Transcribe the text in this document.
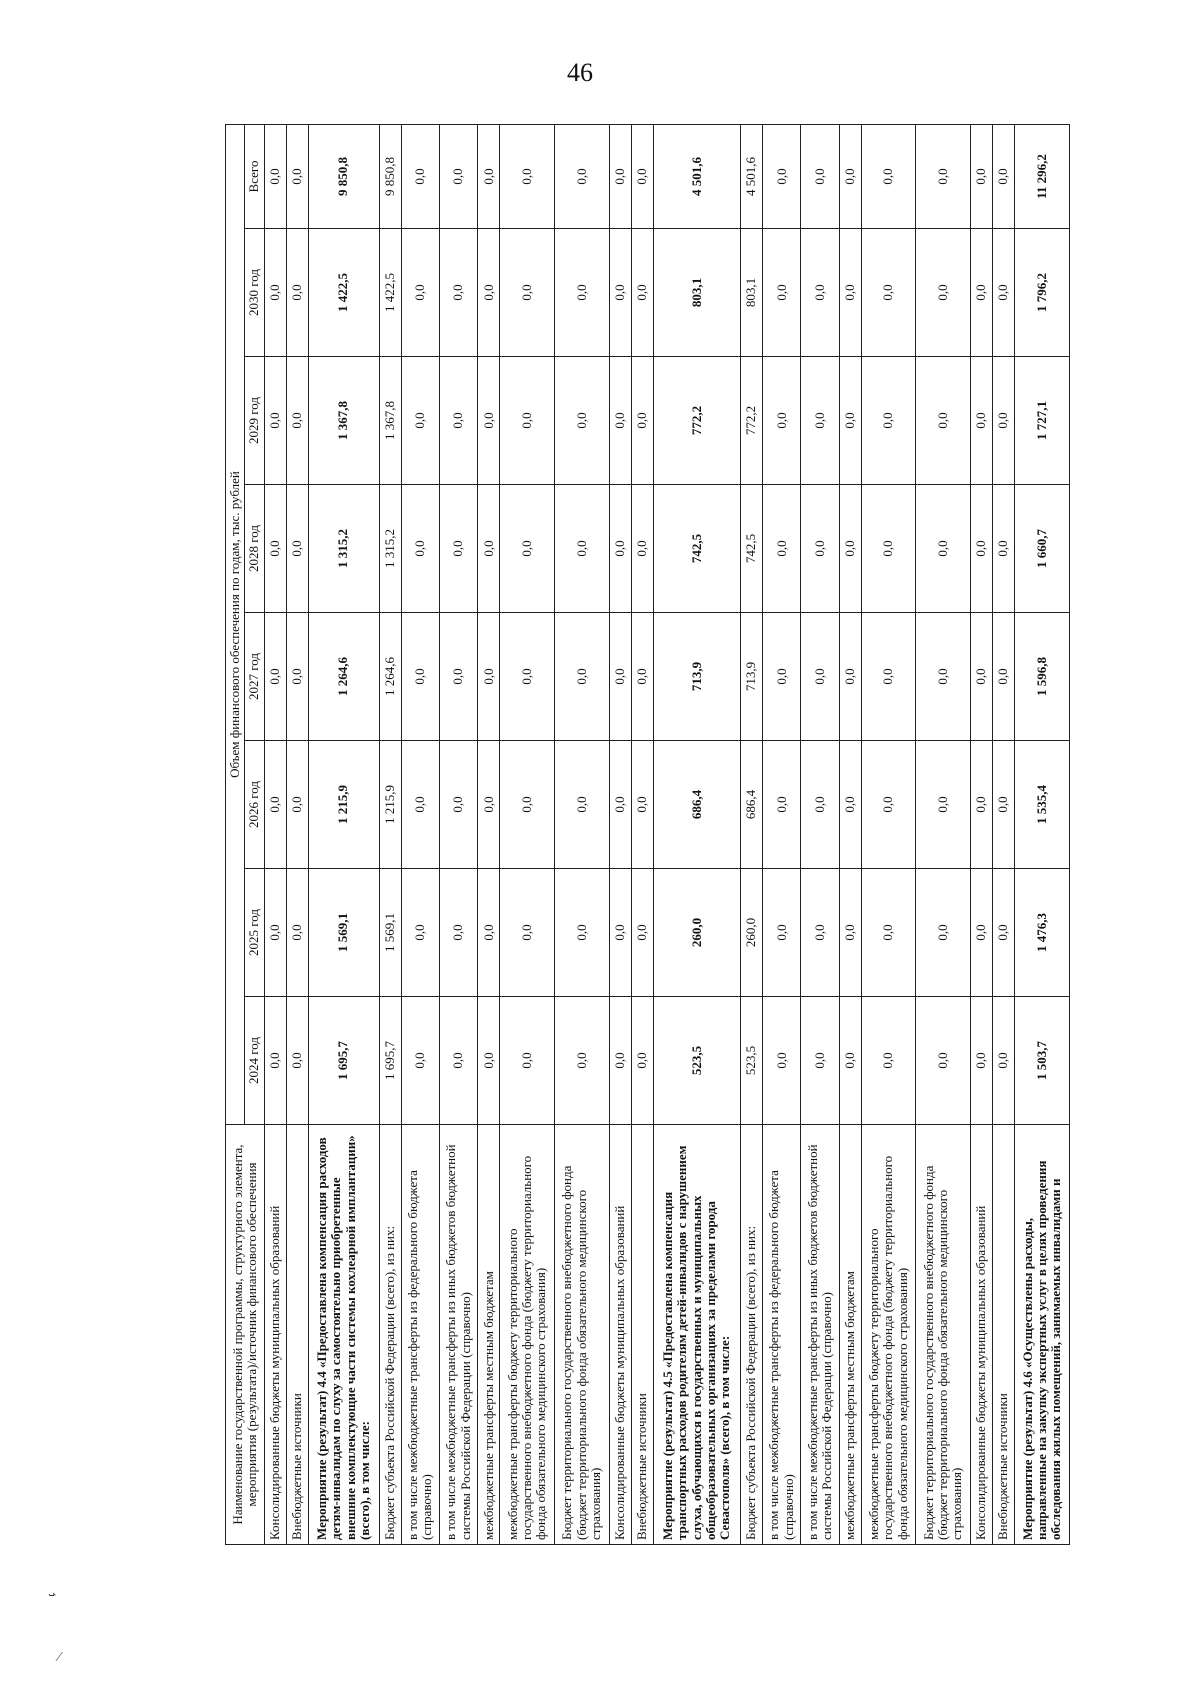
46
ܝ
⁄
Наименование государственной программы, структурного элемента, мероприятия (результата)/источник финансового обеспечения	Объем финансового обеспечения по годам, тыс. рублей							
	2024 год	2025 год	2026 год	2027 год	2028 год	2029 год	2030 год	Всего
Консолидированные бюджеты муниципальных образований	0,0	0,0	0,0	0,0	0,0	0,0	0,0	0,0
Внебюджетные источники	0,0	0,0	0,0	0,0	0,0	0,0	0,0	0,0
Мероприятие (результат) 4.4 «Предоставлена компенсация расходов детям-инвалидам по слуху за самостоятельно приобретенные внешние комплектующие части системы кохлеарной имплантации» (всего), в том числе:	1 695,7	1 569,1	1 215,9	1 264,6	1 315,2	1 367,8	1 422,5	9 850,8
Бюджет субъекта Российской Федерации (всего), из них:	1 695,7	1 569,1	1 215,9	1 264,6	1 315,2	1 367,8	1 422,5	9 850,8
в том числе межбюджетные трансферты из федерального бюджета (справочно)	0,0	0,0	0,0	0,0	0,0	0,0	0,0	0,0
в том числе межбюджетные трансферты из иных бюджетов бюджетной системы Российской Федерации (справочно)	0,0	0,0	0,0	0,0	0,0	0,0	0,0	0,0
межбюджетные трансферты местным бюджетам	0,0	0,0	0,0	0,0	0,0	0,0	0,0	0,0
межбюджетные трансферты бюджету территориального государственного внебюджетного фонда (бюджету территориального фонда обязательного медицинского страхования)	0,0	0,0	0,0	0,0	0,0	0,0	0,0	0,0
Бюджет территориального государственного внебюджетного фонда (бюджет территориального фонда обязательного медицинского страхования)	0,0	0,0	0,0	0,0	0,0	0,0	0,0	0,0
Консолидированные бюджеты муниципальных образований	0,0	0,0	0,0	0,0	0,0	0,0	0,0	0,0
Внебюджетные источники	0,0	0,0	0,0	0,0	0,0	0,0	0,0	0,0
Мероприятие (результат) 4.5 «Предоставлена компенсация транспортных расходов родителям детей-инвалидов с нарушением слуха, обучающихся в государственных и муниципальных общеобразовательных организациях за пределами города Севастополя» (всего), в том числе:	523,5	260,0	686,4	713,9	742,5	772,2	803,1	4 501,6
Бюджет субъекта Российской Федерации (всего), из них:	523,5	260,0	686,4	713,9	742,5	772,2	803,1	4 501,6
в том числе межбюджетные трансферты из федерального бюджета (справочно)	0,0	0,0	0,0	0,0	0,0	0,0	0,0	0,0
в том числе межбюджетные трансферты из иных бюджетов бюджетной системы Российской Федерации (справочно)	0,0	0,0	0,0	0,0	0,0	0,0	0,0	0,0
межбюджетные трансферты местным бюджетам	0,0	0,0	0,0	0,0	0,0	0,0	0,0	0,0
межбюджетные трансферты бюджету территориального государственного внебюджетного фонда (бюджету территориального фонда обязательного медицинского страхования)	0,0	0,0	0,0	0,0	0,0	0,0	0,0	0,0
Бюджет территориального государственного внебюджетного фонда (бюджет территориального фонда обязательного медицинского страхования)	0,0	0,0	0,0	0,0	0,0	0,0	0,0	0,0
Консолидированные бюджеты муниципальных образований	0,0	0,0	0,0	0,0	0,0	0,0	0,0	0,0
Внебюджетные источники	0,0	0,0	0,0	0,0	0,0	0,0	0,0	0,0
Мероприятие (результат) 4.6 «Осуществлены расходы, направленные на закупку экспертных услуг в целях проведения обследования жилых помещений, занимаемых инвалидами и	1 503,7	1 476,3	1 535,4	1 596,8	1 660,7	1 727,1	1 796,2	11 296,2
